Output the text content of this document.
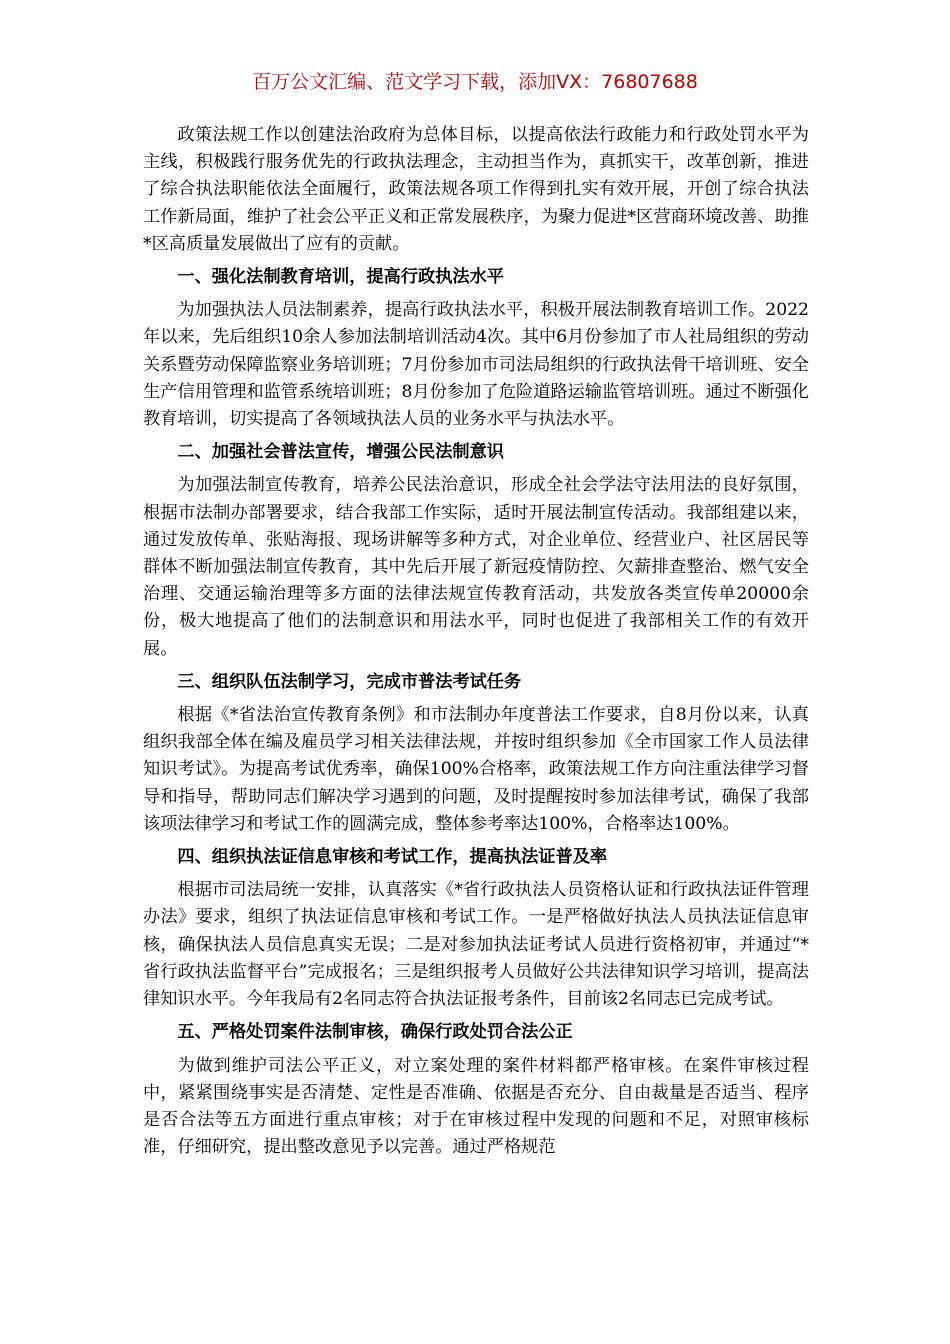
百万公文汇编、范文学习下载，添加VX：76807688

政策法规工作以创建法治政府为总体目标，以提高依法行政能力和行政处罚水平为主线，积极践行服务优先的行政执法理念，主动担当作为，真抓实干，改革创新，推进了综合执法职能依法全面履行，政策法规各项工作得到扎实有效开展，开创了综合执法工作新局面，维护了社会公平正义和正常发展秩序，为聚力促进*区营商环境改善、助推*区高质量发展做出了应有的贡献。

一、强化法制教育培训，提高行政执法水平

为加强执法人员法制素养，提高行政执法水平，积极开展法制教育培训工作。2022年以来，先后组织10余人参加法制培训活动4次。其中6月份参加了市人社局组织的劳动关系暨劳动保障监察业务培训班；7月份参加市司法局组织的行政执法骨干培训班、安全生产信用管理和监管系统培训班；8月份参加了危险道路运输监管培训班。通过不断强化教育培训，切实提高了各领域执法人员的业务水平与执法水平。

二、加强社会普法宣传，增强公民法制意识

为加强法制宣传教育，培养公民法治意识，形成全社会学法守法用法的良好氛围，根据市法制办部署要求，结合我部工作实际，适时开展法制宣传活动。我部组建以来，通过发放传单、张贴海报、现场讲解等多种方式，对企业单位、经营业户、社区居民等群体不断加强法制宣传教育，其中先后开展了新冠疫情防控、欠薪排查整治、燃气安全治理、交通运输治理等多方面的法律法规宣传教育活动，共发放各类宣传单20000余份，极大地提高了他们的法制意识和用法水平，同时也促进了我部相关工作的有效开展。

三、组织队伍法制学习，完成市普法考试任务

根据《*省法治宣传教育条例》和市法制办年度普法工作要求，自8月份以来，认真组织我部全体在编及雇员学习相关法律法规，并按时组织参加《全市国家工作人员法律知识考试》。为提高考试优秀率，确保100%合格率，政策法规工作方向注重法律学习督导和指导，帮助同志们解决学习遇到的问题，及时提醒按时参加法律考试，确保了我部该项法律学习和考试工作的圆满完成，整体参考率达100%，合格率达100%。

四、组织执法证信息审核和考试工作，提高执法证普及率

根据市司法局统一安排，认真落实《*省行政执法人员资格认证和行政执法证件管理办法》要求，组织了执法证信息审核和考试工作。一是严格做好执法人员执法证信息审核，确保执法人员信息真实无误；二是对参加执法证考试人员进行资格初审，并通过“*省行政执法监督平台”完成报名；三是组织报考人员做好公共法律知识学习培训，提高法律知识水平。今年我局有2名同志符合执法证报考条件，目前该2名同志已完成考试。

五、严格处罚案件法制审核，确保行政处罚合法公正

为做到维护司法公平正义，对立案处理的案件材料都严格审核。在案件审核过程中，紧紧围绕事实是否清楚、定性是否准确、依据是否充分、自由裁量是否适当、程序是否合法等五方面进行重点审核；对于在审核过程中发现的问题和不足，对照审核标准，仔细研究，提出整改意见予以完善。通过严格规范
